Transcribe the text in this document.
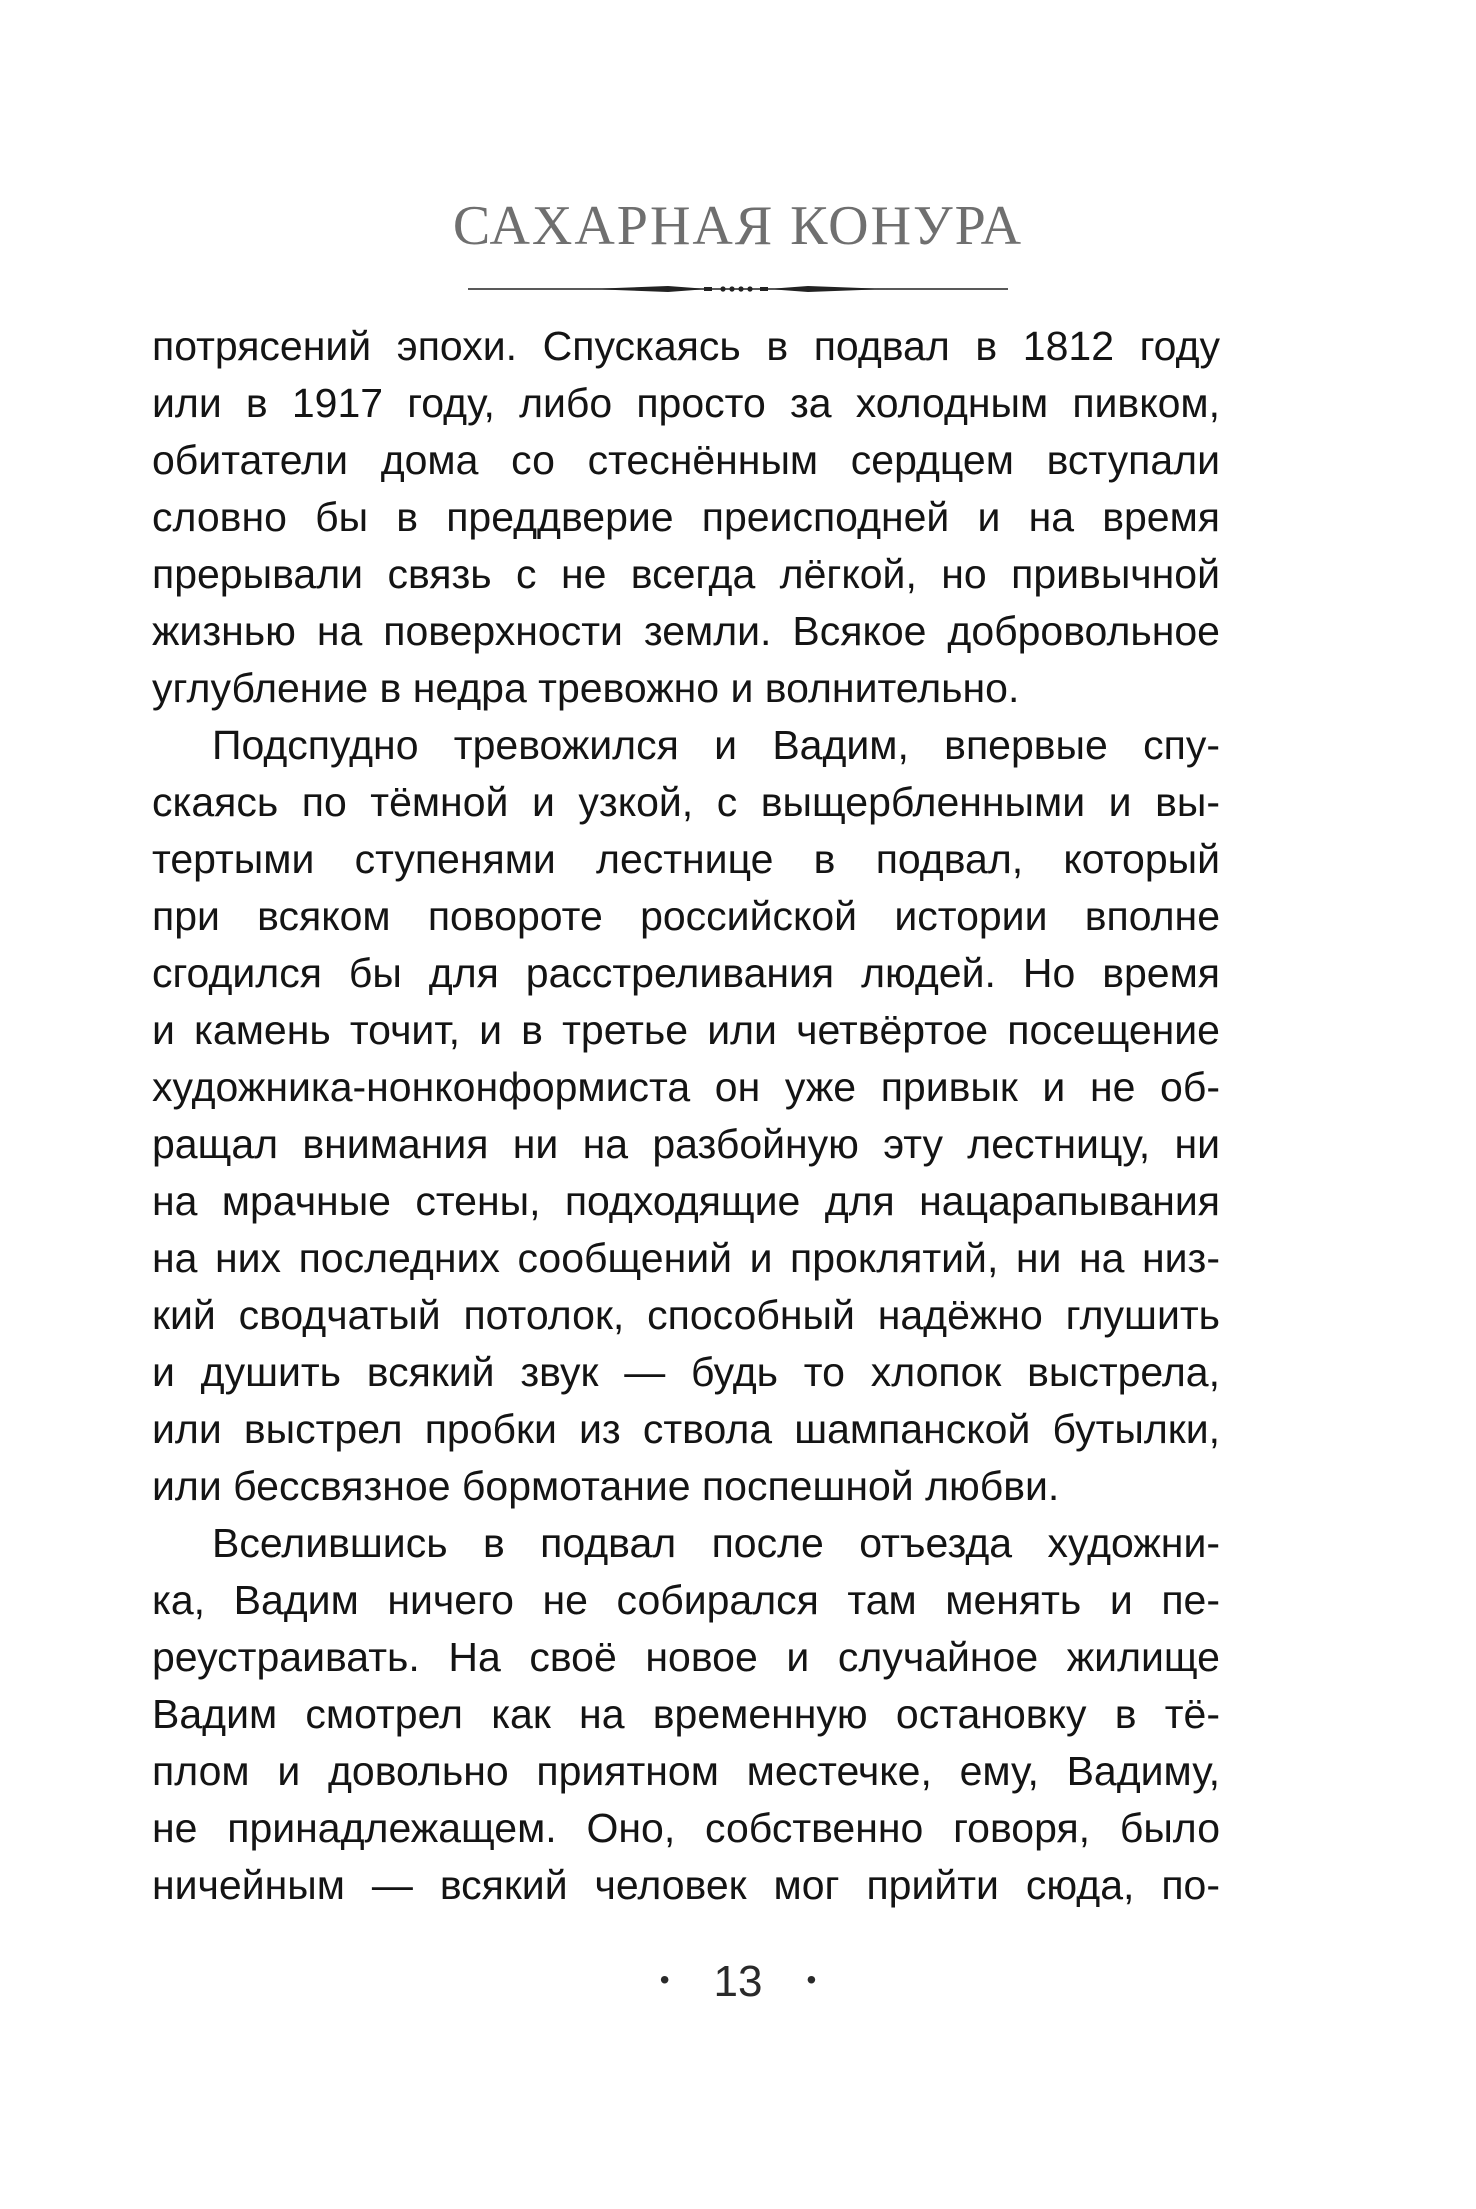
САХАРНАЯ КОНУРА
потрясений эпохи. Спускаясь в подвал в 1812 году
или в 1917 году, либо просто за холодным пивком,
обитатели дома со стеснённым сердцем вступали
словно бы в преддверие преисподней и на время
прерывали связь с не всегда лёгкой, но привычной
жизнью на поверхности земли. Всякое добровольное
углубление в недра тревожно и волнительно.
Подспудно тревожился и Вадим, впервые спу-
скаясь по тёмной и узкой, с выщербленными и вы-
тертыми ступенями лестнице в подвал, который
при всяком повороте российской истории вполне
сгодился бы для расстреливания людей. Но время
и камень точит, и в третье или четвёртое посещение
художника-нонконформиста он уже привык и не об-
ращал внимания ни на разбойную эту лестницу, ни
на мрачные стены, подходящие для нацарапывания
на них последних сообщений и проклятий, ни на низ-
кий сводчатый потолок, способный надёжно глушить
и душить всякий звук — будь то хлопок выстрела,
или выстрел пробки из ствола шампанской бутылки,
или бессвязное бормотание поспешной любви.
Вселившись в подвал после отъезда художни-
ка, Вадим ничего не собирался там менять и пе-
реустраивать. На своё новое и случайное жилище
Вадим смотрел как на временную остановку в тё-
плом и довольно приятном местечке, ему, Вадиму,
не принадлежащем. Оно, собственно говоря, было
ничейным — всякий человек мог прийти сюда, по-
• 13 •
